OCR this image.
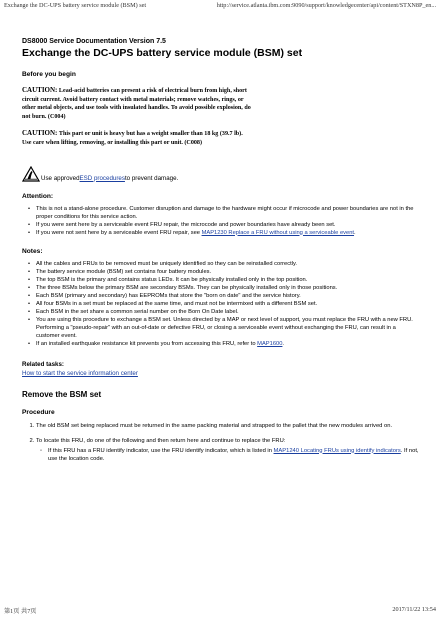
Exchange the DC-UPS battery service module (BSM) set	http://service.atlanta.ibm.com:9090/support/knowledgecenter/api/content/STXN8P_en...
DS8000 Service Documentation Version 7.5
Exchange the DC-UPS battery service module (BSM) set
Before you begin
CAUTION: Lead-acid batteries can present a risk of electrical burn from high, short circuit current. Avoid battery contact with metal materials; remove watches, rings, or other metal objects, and use tools with insulated handles. To avoid possible explosion, do not burn. (C004)
CAUTION: This part or unit is heavy but has a weight smaller than 18 kg (39.7 lb). Use care when lifting, removing, or installing this part or unit. (C008)
Use approved ESD procedures to prevent damage.
Attention:
• This is not a stand-alone procedure. Customer disruption and damage to the hardware might occur if microcode and power boundaries are not in the proper conditions for this service action.
• If you were sent here by a serviceable event FRU repair, the microcode and power boundaries have already been set.
• If you were not sent here by a serviceable event FRU repair, see MAP1230 Replace a FRU without using a serviceable event.
Notes:
• All the cables and FRUs to be removed must be uniquely identified so they can be reinstalled correctly.
• The battery service module (BSM) set contains four battery modules.
• The top BSM is the primary and contains status LEDs. It can be physically installed only in the top position.
• The three BSMs below the primary BSM are secondary BSMs. They can be physically installed only in those positions.
• Each BSM (primary and secondary) has EEPROMs that store the "born on date" and the service history.
• All four BSMs in a set must be replaced at the same time, and must not be intermixed with a different BSM set.
• Each BSM in the set share a common serial number on the Born On Date label.
• You are using this procedure to exchange a BSM set. Unless directed by a MAP or next level of support, you must replace the FRU with a new FRU. Performing a "pseudo-repair" with an out-of-date or defective FRU, or closing a serviceable event without exchanging the FRU, can result in a customer event.
• If an installed earthquake resistance kit prevents you from accessing this FRU, refer to MAP1600.
Related tasks:
How to start the service information center
Remove the BSM set
Procedure
1. The old BSM set being replaced must be returned in the same packing material and strapped to the pallet that the new modules arrived on.
2. To locate this FRU, do one of the following and then return here and continue to replace the FRU:
◦ If this FRU has a FRU identify indicator, use the FRU identify indicator, which is listed in MAP1240 Locating FRUs using identify indicators. If not, use the location code.
第1页 共7页	2017/11/22 13:54
